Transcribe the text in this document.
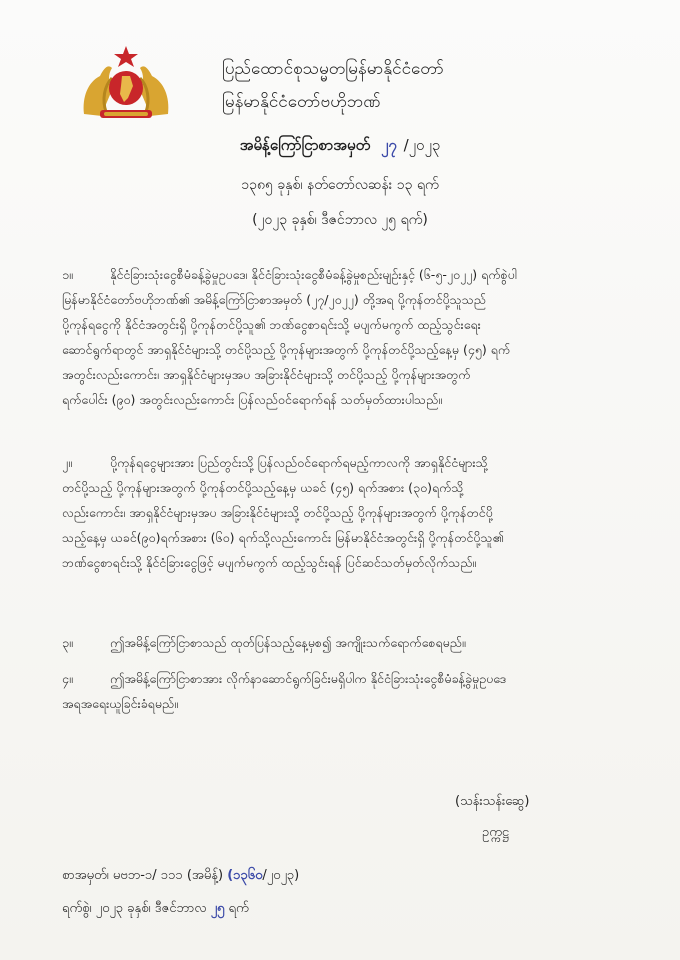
ပြည်ထောင်စုသမ္မတမြန်မာနိုင်ငံတော်
မြန်မာနိုင်ငံတော်ဗဟိုဘဏ်
အမိန့်ကြော်ငြာစာအမှတ် ၂၇ /၂၀၂၃
၁၃၈၅ ခုနှစ်၊ နတ်တော်လဆန်း ၁၃ ရက်
(၂၀၂၃ ခုနှစ်၊ ဒီဇင်ဘာလ ၂၅ ရက်)
၁။	နိုင်ငံခြားသုံးငွေစီမံခန့်ခွဲမှုဥပဒေ၊ နိုင်ငံခြားသုံးငွေစီမံခန့်ခွဲမှုစည်းမျဉ်းနှင့် (၆-၅-၂၀၂၂) ရက်စွဲပါ
မြန်မာနိုင်ငံတော်ဗဟိုဘဏ်၏ အမိန့်ကြော်ငြာစာအမှတ် (၂၇/၂၀၂၂) တို့အရ ပို့ကုန်တင်ပို့သူသည်
ပို့ကုန်ရငွေကို နိုင်ငံအတွင်းရှိ ပို့ကုန်တင်ပို့သူ၏ ဘဏ်ငွေစာရင်းသို့ မပျက်မကွက် ထည့်သွင်းရေး
ဆောင်ရွက်ရာတွင် အာရှနိုင်ငံများသို့ တင်ပို့သည့် ပို့ကုန်များအတွက် ပို့ကုန်တင်ပို့သည့်နေ့မှ (၄၅) ရက်
အတွင်းလည်းကောင်း၊ အာရှနိုင်ငံများမှအပ အခြားနိုင်ငံများသို့ တင်ပို့သည့် ပို့ကုန်များအတွက်
ရက်ပေါင်း (၉၀) အတွင်းလည်းကောင်း ပြန်လည်ဝင်ရောက်ရန် သတ်မှတ်ထားပါသည်။
၂။	ပို့ကုန်ရငွေများအား ပြည်တွင်းသို့ ပြန်လည်ဝင်ရောက်ရမည့်ကာလကို အာရှနိုင်ငံများသို့
တင်ပို့သည့် ပို့ကုန်များအတွက် ပို့ကုန်တင်ပို့သည့်နေ့မှ ယခင် (၄၅) ရက်အစား (၃၀)ရက်သို့
လည်းကောင်း၊ အာရှနိုင်ငံများမှအပ အခြားနိုင်ငံများသို့ တင်ပို့သည့် ပို့ကုန်များအတွက် ပို့ကုန်တင်ပို့
သည့်နေ့မှ ယခင်(၉၀)ရက်အစား (၆၀) ရက်သို့လည်းကောင်း မြန်မာနိုင်ငံအတွင်းရှိ ပို့ကုန်တင်ပို့သူ၏
ဘဏ်ငွေစာရင်းသို့ နိုင်ငံခြားငွေဖြင့် မပျက်မကွက် ထည့်သွင်းရန် ပြင်ဆင်သတ်မှတ်လိုက်သည်။
၃။	ဤအမိန့်ကြော်ငြာစာသည် ထုတ်ပြန်သည့်နေ့မှစ၍ အကျိုးသက်ရောက်စေရမည်။
၄။	ဤအမိန့်ကြော်ငြာစာအား လိုက်နာဆောင်ရွက်ခြင်းမရှိပါက နိုင်ငံခြားသုံးငွေစီမံခန့်ခွဲမှုဥပဒေ
အရအရေးယူခြင်းခံရမည်။
(သန်းသန်းဆွေ)
ဥက္ကဋ္ဌ
စာအမှတ်၊ မဗဘ-၁/ ၁၁၁ (အမိန့်) (၁၃၆၀/၂၀၂၃)
ရက်စွဲ၊ ၂၀၂၃ ခုနှစ်၊ ဒီဇင်ဘာလ ၂၅ ရက်
